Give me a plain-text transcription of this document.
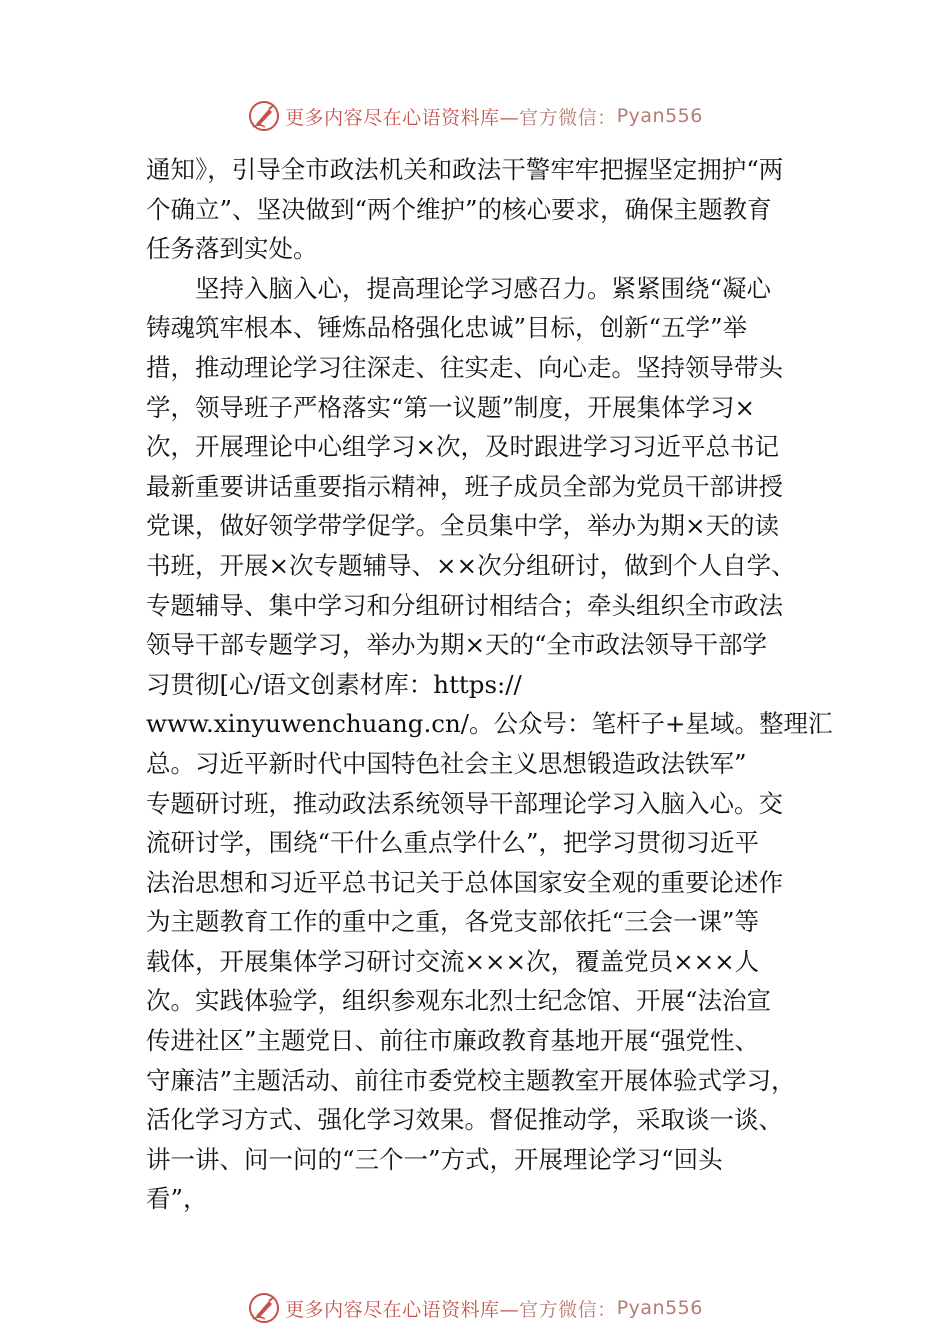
更多内容尽在心语资料库— 官方微信： Pyan556
通知》，引导全市政法机关和政法干警牢牢把握坚定拥护“两
个确立”、坚决做到“两个维护”的核心要求，确保主题教育
任务落到实处。
　　坚持入脑入心，提高理论学习感召力。紧紧围绕“凝心
铸魂筑牢根本、锤炼品格强化忠诚”目标，创新“五学”举
措，推动理论学习往深走、往实走、向心走。坚持领导带头
学，领导班子严格落实“第一议题”制度，开展集体学习×
次，开展理论中心组学习×次，及时跟进学习习近平总书记
最新重要讲话重要指示精神，班子成员全部为党员干部讲授
党课，做好领学带学促学。全员集中学，举办为期×天的读
书班，开展×次专题辅导、××次分组研讨，做到个人自学、
专题辅导、集中学习和分组研讨相结合；牵头组织全市政法
领导干部专题学习，举办为期×天的“全市政法领导干部学
习贯彻[心/语文创素材库：https://
www.xinyuwenchuang.cn/。公众号：笔杆子+星域。整理汇
总。习近平新时代中国特色社会主义思想锻造政法铁军”
专题研讨班，推动政法系统领导干部理论学习入脑入心。交
流研讨学，围绕“干什么重点学什么”，把学习贯彻习近平
法治思想和习近平总书记关于总体国家安全观的重要论述作
为主题教育工作的重中之重，各党支部依托“三会一课”等
载体，开展集体学习研讨交流×××次，覆盖党员×××人
次。实践体验学，组织参观东北烈士纪念馆、开展“法治宣
传进社区”主题党日、前往市廉政教育基地开展“强党性、
守廉洁”主题活动、前往市委党校主题教室开展体验式学习，
活化学习方式、强化学习效果。督促推动学，采取谈一谈、
讲一讲、问一问的“三个一”方式，开展理论学习“回头
看”，
更多内容尽在心语资料库— 官方微信： Pyan556
